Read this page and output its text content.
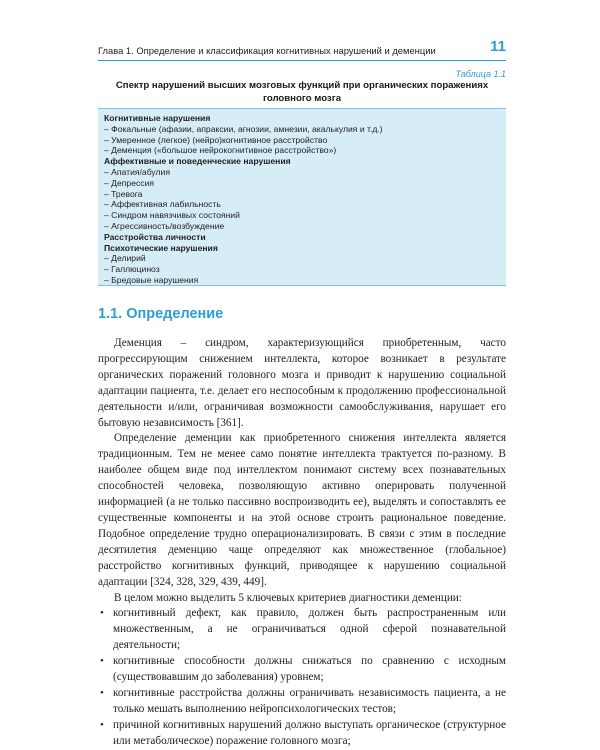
Глава 1. Определение и классификация когнитивных нарушений и деменции	11
Таблица 1.1
Спектр нарушений высших мозговых функций при органических поражениях
головного мозга
Когнитивные нарушения
– Фокальные (афазии, апраксии, агнозии, амнезии, акалькулия и т.д.)
– Умеренное (легкое) (нейро)когнитивное расстройство
– Деменция («большое нейрокогнитивное расстройство»)
Аффективные и поведенческие нарушения
– Апатия/абулия
– Депрессия
– Тревога
– Аффективная лабильность
– Синдром навязчивых состояний
– Агрессивность/возбуждение
Расстройства личности
Психотические нарушения
– Делирий
– Галлюциноз
– Бредовые нарушения
1.1. Определение

Деменция – синдром, характеризующийся приобретенным, часто прогрессирующим снижением интеллекта, которое возникает в результате органических поражений головного мозга и приводит к нарушению социальной адаптации пациента, т.е. делает его неспособным к продолжению профессиональной деятельности и/или, ограничивая возможности самообслуживания, нарушает его бытовую независимость [361].

Определение деменции как приобретенного снижения интеллекта является традиционным. Тем не менее само понятие интеллекта трактуется по-разному. В наиболее общем виде под интеллектом понимают систему всех познавательных способностей человека, позволяющую активно оперировать полученной информацией (а не только пассивно воспроизводить ее), выделять и сопоставлять ее существенные компоненты и на этой основе строить рациональное поведение. Подобное определение трудно операционализировать. В связи с этим в последние десятилетия деменцию чаще определяют как множественное (глобальное) расстройство когнитивных функций, приводящее к нарушению социальной адаптации [324, 328, 329, 439, 449].

В целом можно выделить 5 ключевых критериев диагностики деменции:

• когнитивный дефект, как правило, должен быть распространенным или множественным, а не ограничиваться одной сферой познавательной деятельности;
• когнитивные способности должны снижаться по сравнению с исходным (существовавшим до заболевания) уровнем;
• когнитивные расстройства должны ограничивать независимость пациента, а не только мешать выполнению нейропсихологических тестов;
• причиной когнитивных нарушений должно выступать органическое (структурное или метаболическое) поражение головного мозга;
